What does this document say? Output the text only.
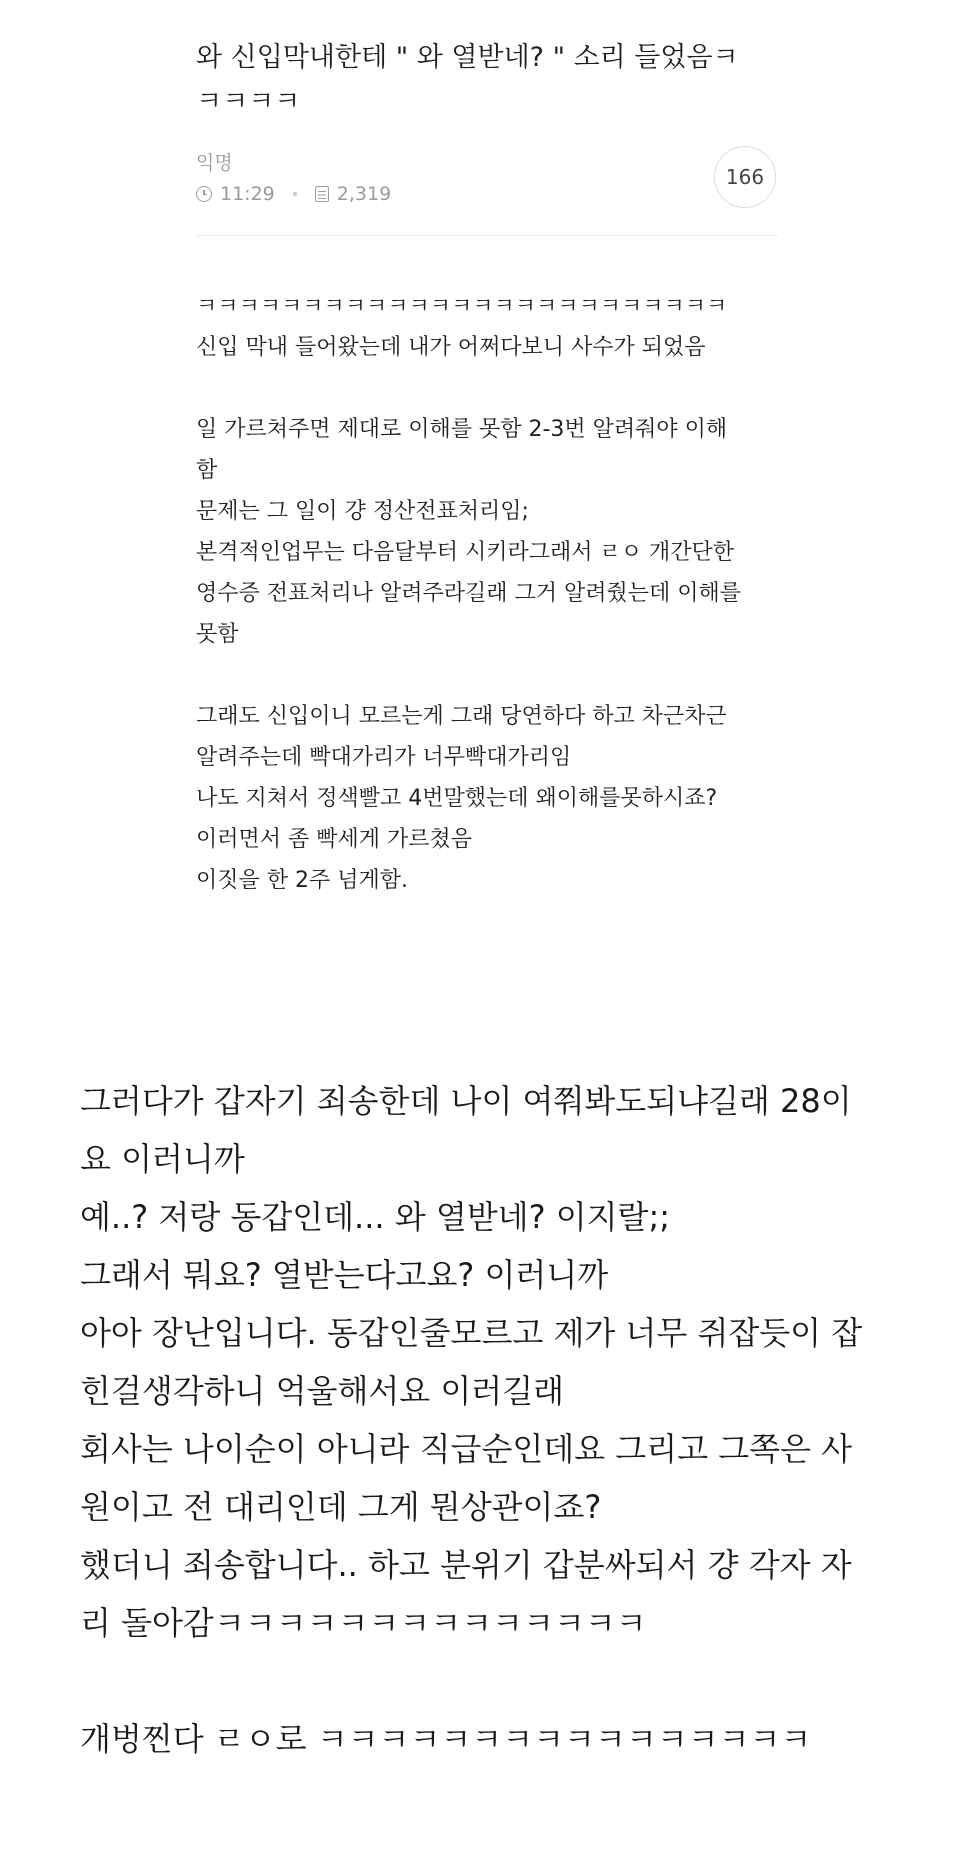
와 신입막내한테 " 와 열받네? " 소리 들었음ㅋ ㅋㅋㅋㅋ
익명
11:29	2,319
166

ㅋㅋㅋㅋㅋㅋㅋㅋㅋㅋㅋㅋㅋㅋㅋㅋㅋㅋㅋㅋㅋㅋㅋㅋㅋ

신입 막내 들어왔는데 내가 어쩌다보니 사수가 되었음

일 가르쳐주면 제대로 이해를 못함 2-3번 알려줘야 이해

함

문제는 그 일이 걍 정산전표처리임;

본격적인업무는 다음달부터 시키라그래서 ㄹㅇ 개간단한

영수증 전표처리나 알려주라길래 그거 알려줬는데 이해를

못함

그래도 신입이니 모르는게 그래 당연하다 하고 차근차근

알려주는데 빡대가리가 너무빡대가리임

나도 지쳐서 정색빨고 4번말했는데 왜이해를못하시죠?

이러면서 좀 빡세게 가르쳤음

이짓을 한 2주 넘게함.

그러다가 갑자기 죄송한데 나이 여쭤봐도되냐길래 28이

요 이러니까

예..? 저랑 동갑인데... 와 열받네? 이지랄;;

그래서 뭐요? 열받는다고요? 이러니까

아아 장난입니다. 동갑인줄모르고 제가 너무 쥐잡듯이 잡

힌걸생각하니 억울해서요 이러길래

회사는 나이순이 아니라 직급순인데요 그리고 그쪽은 사

원이고 전 대리인데 그게 뭔상관이죠?

했더니 죄송합니다.. 하고 분위기 갑분싸되서 걍 각자 자

리 돌아감ㅋㅋㅋㅋㅋㅋㅋㅋㅋㅋㅋㅋㅋㅋ

개벙찐다 ㄹㅇ로 ㅋㅋㅋㅋㅋㅋㅋㅋㅋㅋㅋㅋㅋㅋㅋㅋ
